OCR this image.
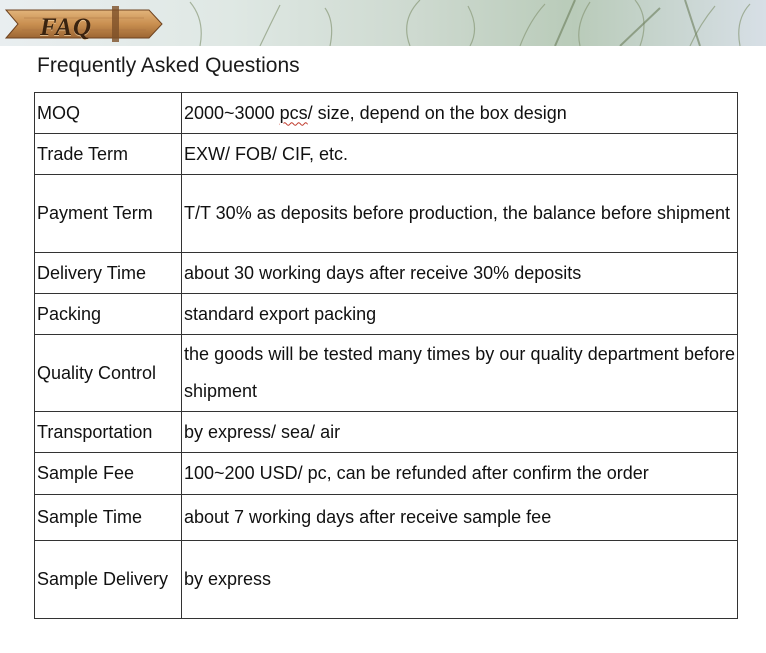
FAQ
Frequently Asked Questions
MOQ	2000~3000 pcs/ size, depend on the box design
Trade Term	EXW/ FOB/ CIF, etc.
Payment Term	T/T 30% as deposits before production, the balance before shipment
Delivery Time	about 30 working days after receive 30% deposits
Packing	standard export packing
Quality Control	the goods will be tested many times by our quality department before shipment
Transportation	by express/ sea/ air
Sample Fee	100~200 USD/ pc, can be refunded after confirm the order
Sample Time	about 7 working days after receive sample fee
Sample Delivery	by express
